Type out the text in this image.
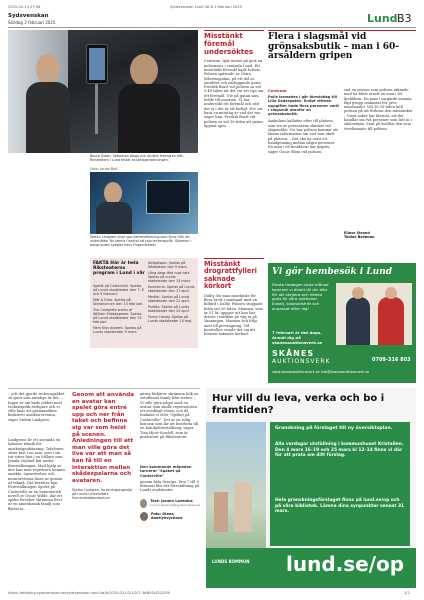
2025-02-13 07:36	Sydsvenskan Lund 4A B 2 februari 2025
Sydsvenskan
Söndag 2 februari 2025	Lund B3
Bosse Östen, Sebastian Waga och Anders Holmgren från Riksteatern i Lund testar ansiktsigenkänningen.
Foto: Jonas Bell
Stefan Lindgren visar upp kamerafilmning som finns från ett underlättar för Jamila Osalind att tala teckenspråk. Skärmen i bakgrunden speglar hans Fingerrörelser.
FAKTA Här är hela Riksteaterns program i Lund i vår
Spelet på Casterville. Spelas på Lunds stadsteater den 7, 8 och 9 februari.
Mitt & Edra. Spelas på Stenbrunnen den 13 februari.
The Complete works of William Shakespeare. Spelas på Lunds stadsteater den 25 februari.
Hem Kiss student. Spelas på Lunds stadsteater 9 mars.
Nattgäspar. Spelas på Nätteatern den 9 mars.
Lång dags färd mot natt. Spelas på Lunds stadsteater den 13 mars.
Kusinerna. Spelas på Lunds stadsteater den 17 april.
Medlet. Spelas på Lunds stadsteater den 22 april.
Pueblo. Spelas på Lunds stadsteater den 24 april.
Fanny Honey. Spelas på Lunds stadsteater 10 maj.
Misstänkt föremål undersöktes
Centrum. Igår morse på gick en polisinsats i centrala Lund. Ett misstänkt föremål hade hittats. Polisen spärrade av Östra Mårtensgatan, på ett del av området och närliggande gator. Fredrik Bratt vid polisen sa vid 9.40-tiden att det var ett tips om ett föremål. Ute på gatan som ledde till insatsen. Vi har undersökt ett föremål och sätt det ej i det är ett farligt. Det var bara en misstag av vad det var, säger han. Fredrik Bratt vid polisen sa vid 10-tiden att gatan öppnat igen.
Flera i slagsmål vid grönsaksbutik – man i 60-årsåldern gripen
Centrum
Polis larmades i går förmiddag till Lilla Södergatan. Enligt vittnen uppgifter hade flera personer varit i slagsmål utanför en grönsaksbutik.
Ambulans kallades efter till platsen, som tre av personerna skadats vid slagsmålet. Nu har polisen kommit att lämna information om vad som skett på platsen. – Det ska ha varit ett handgemäng mellan några personer. En man i 60-årsåldern har gripits, säger Oscar Blom vid polisen.
vad en person som polisen räknade med ha blivit utsatt en man i 60-årsåldern. En man i sargärde samma lågt grupp omkastat för grov misshandel. Vid 18.55-tiden höll polisen på att förhöra den misstänkte. – Vissa saker har klarnat, att det handlar om två personer som lätt in i sköterskan. Sent på kvällen den som överlämnats till polisen.
Elinor Strand
Tobias Bartman
Misstänkt drograttfylleri saknade körkort
Dalby. En man misstänks för flera brott i samband med en bilfärd i Dalby. Polisen stoppade bilen vid 20-tiden. Mannen, som är 51 år, uppgav att han har drivits i trafiken på väg in på Vanningen. Mannen fick följa med till provtagning. Vid kontrollen visade det sig att föraren saknade körkort.
Vi gör hembesök i Lund
Första fredagen varje månad kommer vi direkt till din dörr för att värdera och hämta gods till våra auktioner. Enkelt, kostnadsfritt och anpassat efter dig!
7 februari är det dags. Anmäl dig på skanesauktionsverk.se
SKÅNES
AUKTIONSVERK	0709-316 803
www.skanesauktionsverk.se info@skanesauktionsverk.se
– och det gjorde teckenspråket så sjunt som antalige är det. – Ingen er om bade jobbet med teckenspråk rörligare och vi ville knar att grammatiken beskrivet ansiktsröresrna, säger Stefan Lindgren.
Lindgrens liv ett använda en Iphones teknik för ansiktsigenkänning. Telefonen sitter fast i en arm, som i sin tur sitter fast i en hållare som Jamila Osalind bär under föreställningen. Med hjälp av den kan man registrera hennes ansikte, ögonrörelser och munrörelsena läses av genom AI-teknik. Det berättar hon. Föreställningen Spelet på Casterville är en humoristisk novell av Oscar Wilde, där ett spöke försöker skrämma livet ur en amerikansk familj som flyttat in.
Genom att använda en avatar kan spelet göra entré upp och ner från taket och befinna sig var som helst på scenen. Anledningen till att man ville göra det live var att man så kan få till en interaktion mellan skådespelarna och avataren.
Stefan Lindgren, forskningsingenjör på Lunds universitets humanistlaboratorium
gärna förkärer skrämma folk en veteffenad familj från staten. – Vi ville göra något med en avatar som skulle representera ett overkligt väsen, och då funkade vi eller "Spöket på Casterville". Det är en rolig historia som lår att bearbeta till en familjeföreställning, säger Tina Hjort-Susdell, som är producent på Riksteatern.
Den kommande månaden turnerar "Spöket på Canterville"
genom hela Sverige. Den 7 till 9 februari blir det föreställning på Lunds stadsteater.
Text: Jorunn Lavenius
jorunn.lavenius@sydsvenskan.se
Foto: Olena Andriyevychova
Hur vill du leva, verka och bo i framtiden?
Granskning på förslaget till ny översiktsplan.
Alla vardagar utställning i kommunhuset Kristallen. Den 4 mars 16–19 och 25 mars kl 12–14 finns vi där för att prata om ditt förslag.
Hela granskningsförslaget finns på lund.se/op och på våra bibliotek. Lämna dina synpunkter senast 31 mars.
LUNDS KOMMUN lund.se/op
https://etidning.sydsvenskan.se/sydsvenskan-lund-4a/b/2025-02-02/1/2/1.3#805/432/209	2/2
